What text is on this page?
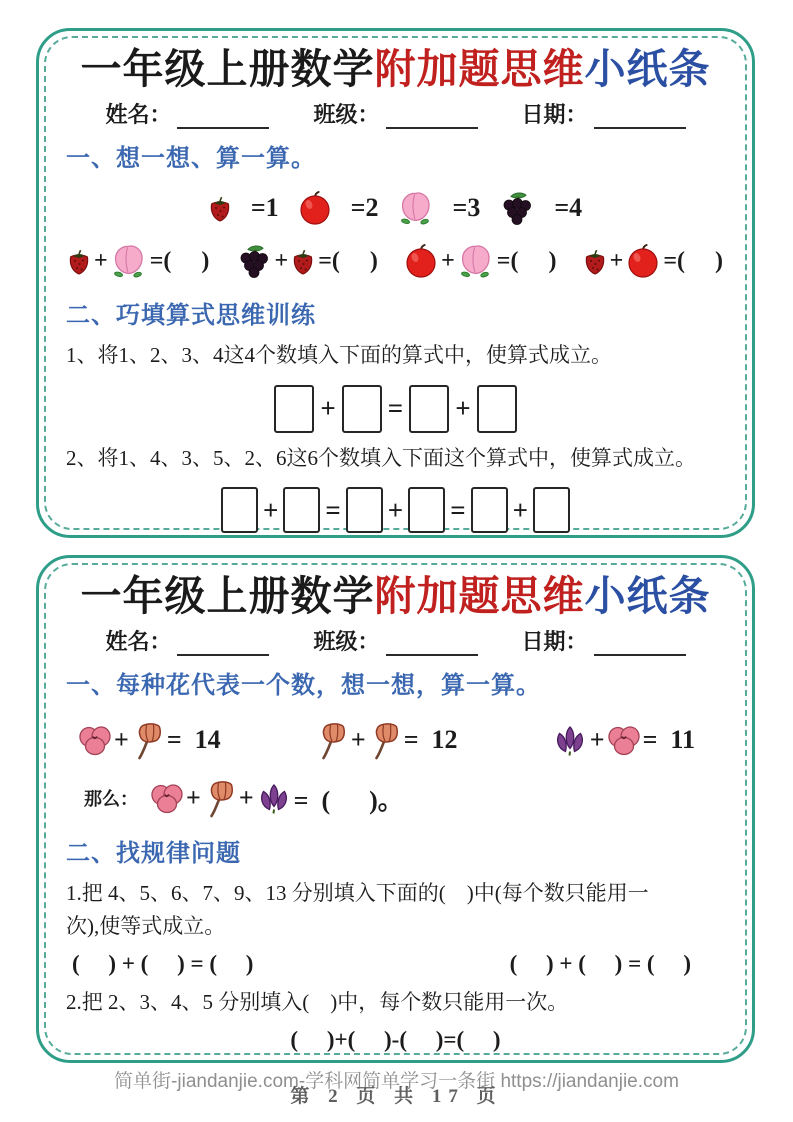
一年级上册数学附加题思维小纸条
姓名：	班级：	日期：
一、想一想、算一算。
=1	=2	=3	=4
+ =(     )	+ =(     )	+ =(     ) + =(     )
二、巧填算式思维训练
1、将1、2、3、4这4个数填入下面的算式中，使算式成立。
+ = +
2、将1、4、3、5、2、6这6个数填入下面这个算式中，使算式成立。
+ = + = +
一年级上册数学附加题思维小纸条
姓名：	班级：	日期：
一、每种花代表一个数，想一想，算一算。
+ =  14	+ =  12	+ =  11
那么： + + =  (      )。
二、找规律问题
1.把 4、5、6、7、9、13 分别填入下面的(    )中(每个数只能用一
次),使等式成立。
(     ) + (     ) = (     )	(     ) + (     ) = (     )
2.把 2、3、4、5 分别填入(    )中，每个数只能用一次。
(     )+(     )-(     )=(     )
简单街-jiandanjie.com-学科网简单学习一条街 https://jiandanjie.com
第 2 页 共 17 页
